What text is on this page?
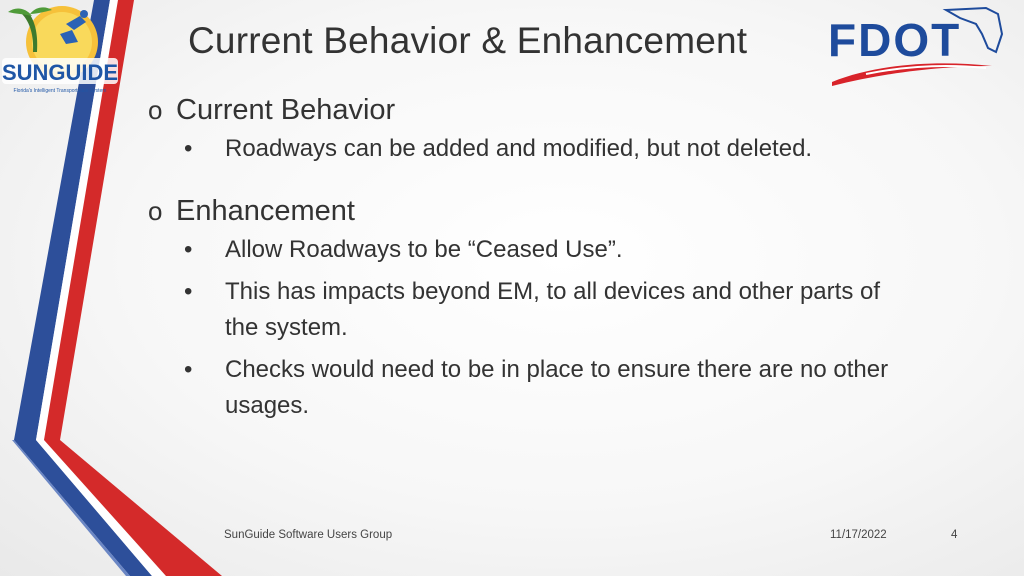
SUNGUIDE
Florida's Intelligent Transportation System
FDOT
Current Behavior & Enhancement
o Current Behavior
•	Roadways can be added and modified, but not deleted.
o Enhancement
•	Allow Roadways to be “Ceased Use”.
•	This has impacts beyond EM, to all devices and other parts of the system.
•	Checks would need to be in place to ensure there are no other usages.
SunGuide Software Users Group	11/17/2022	4
